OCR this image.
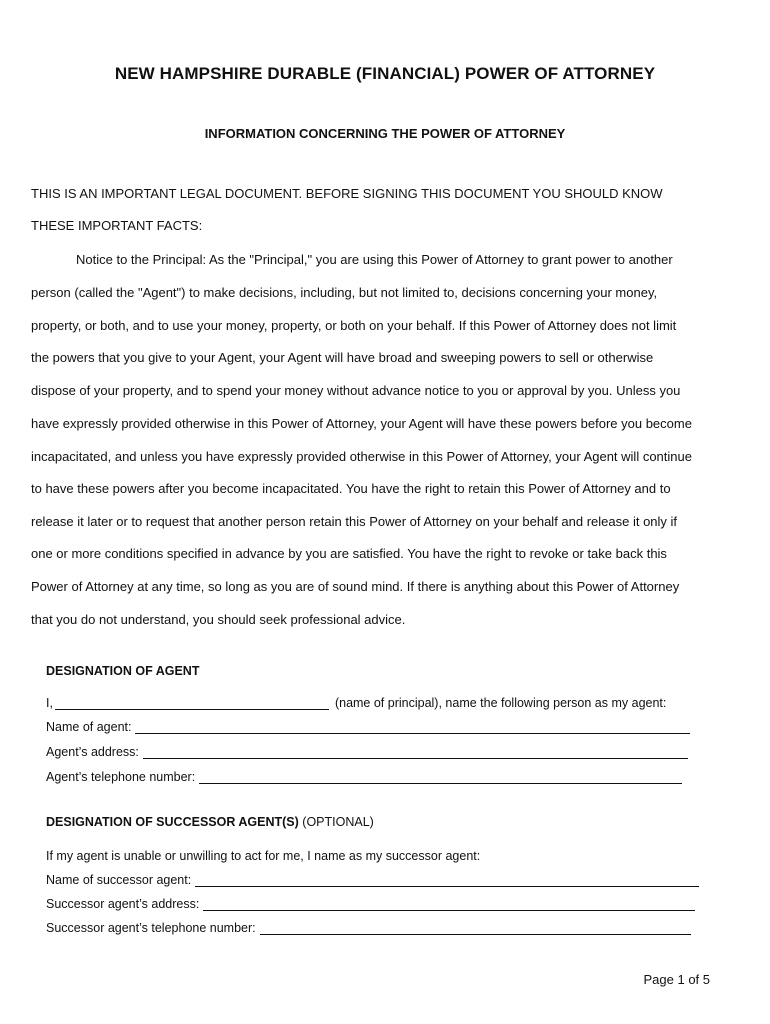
NEW HAMPSHIRE DURABLE (FINANCIAL) POWER OF ATTORNEY
INFORMATION CONCERNING THE POWER OF ATTORNEY
THIS IS AN IMPORTANT LEGAL DOCUMENT. BEFORE SIGNING THIS DOCUMENT YOU SHOULD KNOW
THESE IMPORTANT FACTS:
Notice to the Principal: As the "Principal," you are using this Power of Attorney to grant power to another
person (called the "Agent") to make decisions, including, but not limited to, decisions concerning your money,
property, or both, and to use your money, property, or both on your behalf. If this Power of Attorney does not limit
the powers that you give to your Agent, your Agent will have broad and sweeping powers to sell or otherwise
dispose of your property, and to spend your money without advance notice to you or approval by you. Unless you
have expressly provided otherwise in this Power of Attorney, your Agent will have these powers before you become
incapacitated, and unless you have expressly provided otherwise in this Power of Attorney, your Agent will continue
to have these powers after you become incapacitated. You have the right to retain this Power of Attorney and to
release it later or to request that another person retain this Power of Attorney on your behalf and release it only if
one or more conditions specified in advance by you are satisfied. You have the right to revoke or take back this
Power of Attorney at any time, so long as you are of sound mind. If there is anything about this Power of Attorney
that you do not understand, you should seek professional advice.
DESIGNATION OF AGENT
I,	(name of principal), name the following person as my agent:
Name of agent:
Agent’s address:
Agent’s telephone number:
DESIGNATION OF SUCCESSOR AGENT(S) (OPTIONAL)
If my agent is unable or unwilling to act for me, I name as my successor agent:
Name of successor agent:
Successor agent’s address:
Successor agent’s telephone number:
Page 1 of 5
